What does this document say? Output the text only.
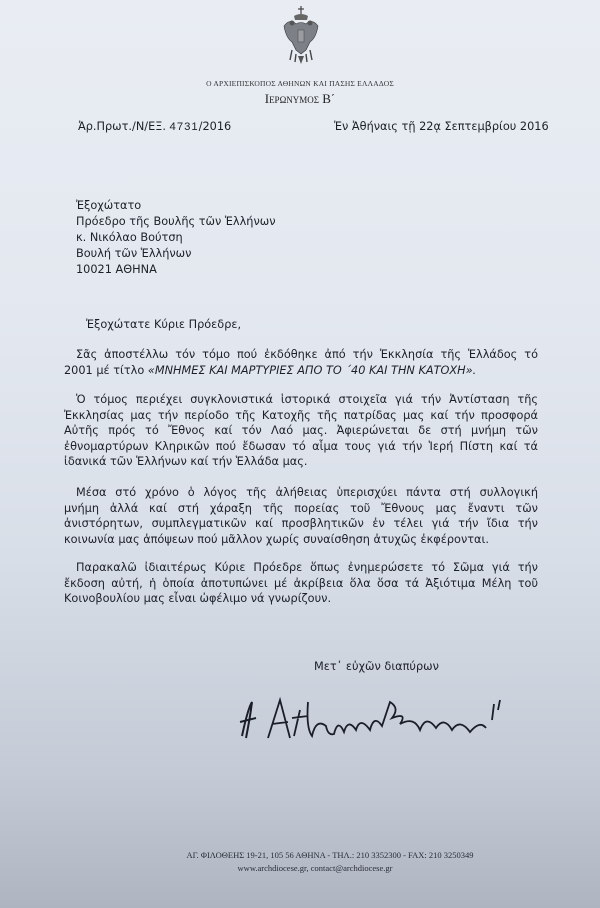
Ο ΑΡΧΙΕΠΙΣΚΟΠΟΣ ΑΘΗΝΩΝ ΚΑΙ ΠΑΣΗΣ ΕΛΛΑΔΟΣ
Ιερωνυμος Β΄
Ἀρ.Πρωτ./Ν/ΕΞ. 4731/2016	Ἐν Ἀθήναις τῇ 22ᾳ Σεπτεμβρίου 2016
Ἐξοχώτατο
Πρόεδρο τῆς Βουλῆς τῶν Ἑλλήνων
κ. Νικόλαο Βούτση
Βουλή τῶν Ἑλλήνων
10021 ΑΘΗΝΑ
Ἐξοχώτατε Κύριε Πρόεδρε,
Σᾶς ἀποστέλλω τόν τόμο πού ἐκδόθηκε ἀπό τήν Ἐκκλησία τῆς Ἑλλάδος τό
2001 μέ τίτλο «ΜΝΗΜΕΣ ΚΑΙ ΜΑΡΤΥΡΙΕΣ ΑΠΟ ΤΟ ΄40 ΚΑΙ ΤΗΝ ΚΑΤΟΧΗ».
Ὁ τόμος περιέχει συγκλονιστικά ἱστορικά στοιχεῖα γιά τήν Ἀντίσταση τῆς
Ἐκκλησίας μας τήν περίοδο τῆς Κατοχῆς τῆς πατρίδας μας καί τήν προσφορά
Αὐτῆς πρός τό Ἔθνος καί τόν Λαό μας. Ἀφιερώνεται δε στή μνήμη τῶν
ἐθνομαρτύρων Κληρικῶν πού ἔδωσαν τό αἷμα τους γιά τήν Ἱερή Πίστη καί τά
ἰδανικά τῶν Ἑλλήνων καί τήν Ἑλλάδα μας.
Μέσα στό χρόνο ὁ λόγος τῆς ἀλήθειας ὑπερισχύει πάντα στή συλλογική
μνήμη ἀλλά καί στή χάραξη τῆς πορείας τοῦ Ἔθνους μας ἔναντι τῶν
ἀνιστόρητων, συμπλεγματικῶν καί προσβλητικῶν ἐν τέλει γιά τήν ἴδια τήν
κοινωνία μας ἀπόψεων πού μᾶλλον χωρίς συναίσθηση ἀτυχῶς ἐκφέρονται.
Παρακαλῶ ἰδιαιτέρως Κύριε Πρόεδρε ὅπως ἐνημερώσετε τό Σῶμα γιά τήν
ἔκδοση αὐτή, ἡ ὁποία ἀποτυπώνει μέ ἀκρίβεια ὅλα ὅσα τά Ἀξιότιμα Μέλη τοῦ
Κοινοβουλίου μας εἶναι ὠφέλιμο νά γνωρίζουν.
Μετ᾽ εὐχῶν διαπύρων
ΑΓ. ΦΙΛΟΘΕΗΣ 19-21, 105 56 ΑΘΗΝΑ - ΤΗΛ.: 210 3352300 - FAX: 210 3250349
www.archdiocese.gr, contact@archdiocese.gr
